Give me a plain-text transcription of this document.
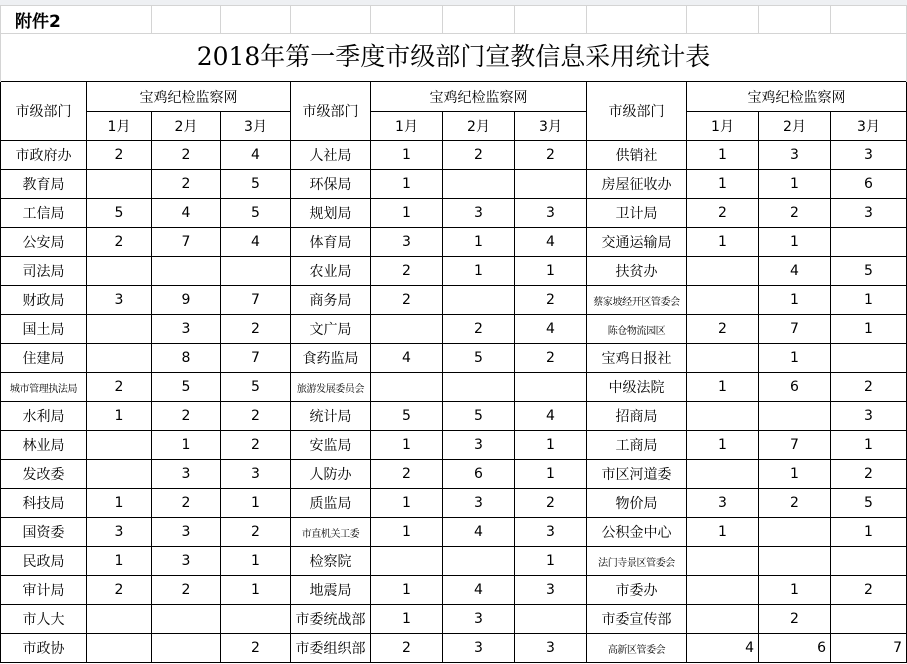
附件2											
2018年第一季度市级部门宣教信息采用统计表											

市级部门	宝鸡纪检监察网			市级部门	宝鸡纪检监察网			市级部门	宝鸡纪检监察网		
	1月	2月	3月		1月	2月	3月		1月	2月	3月
市政府办	2	2	4	人社局	1	2	2	供销社	1	3	3
教育局		2	5	环保局	1			房屋征收办	1	1	6
工信局	5	4	5	规划局	1	3	3	卫计局	2	2	3
公安局	2	7	4	体育局	3	1	4	交通运输局	1	1	
司法局				农业局	2	1	1	扶贫办		4	5
财政局	3	9	7	商务局	2		2	蔡家坡经开区管委会		1	1
国土局		3	2	文广局		2	4	陈仓物流园区	2	7	1
住建局		8	7	食药监局	4	5	2	宝鸡日报社		1	
城市管理执法局	2	5	5	旅游发展委员会				中级法院	1	6	2
水利局	1	2	2	统计局	5	5	4	招商局			3
林业局		1	2	安监局	1	3	1	工商局	1	7	1
发改委		3	3	人防办	2	6	1	市区河道委		1	2
科技局	1	2	1	质监局	1	3	2	物价局	3	2	5
国资委	3	3	2	市直机关工委	1	4	3	公积金中心	1		1
民政局	1	3	1	检察院			1	法门寺景区管委会			
审计局	2	2	1	地震局	1	4	3	市委办		1	2
市人大				市委统战部	1	3		市委宣传部		2	
市政协			2	市委组织部	2	3	3	高新区管委会	4	6	7
